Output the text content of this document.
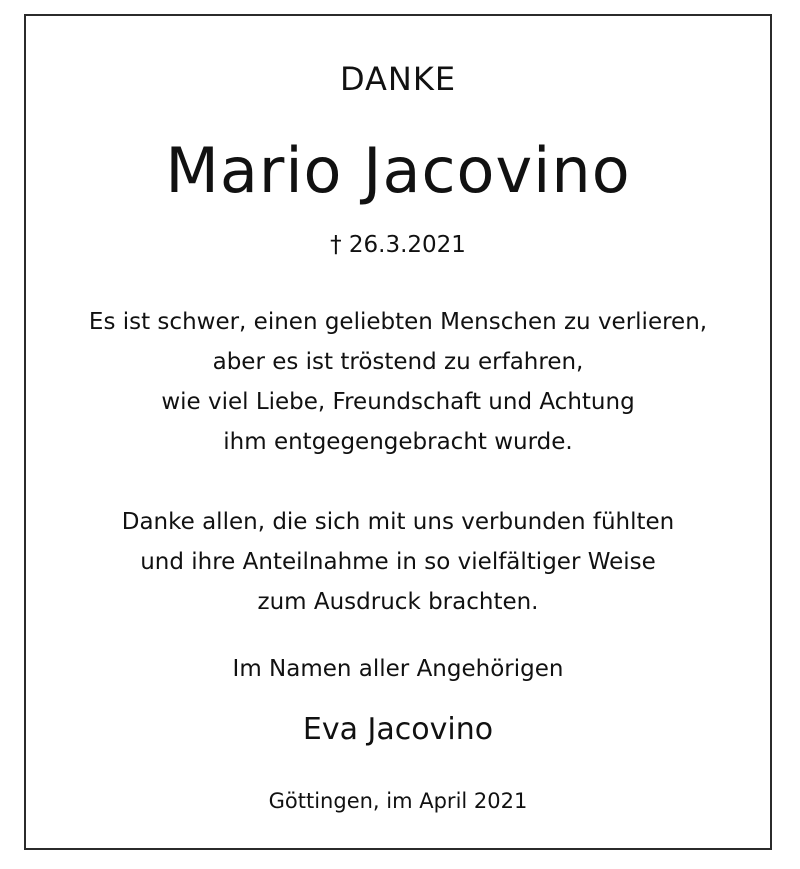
DANKE
Mario Jacovino
† 26.3.2021
Es ist schwer, einen geliebten Menschen zu verlieren,
aber es ist tröstend zu erfahren,
wie viel Liebe, Freundschaft und Achtung
ihm entgegengebracht wurde.
Danke allen, die sich mit uns verbunden fühlten
und ihre Anteilnahme in so vielfältiger Weise
zum Ausdruck brachten.
Im Namen aller Angehörigen
Eva Jacovino
Göttingen, im April 2021
